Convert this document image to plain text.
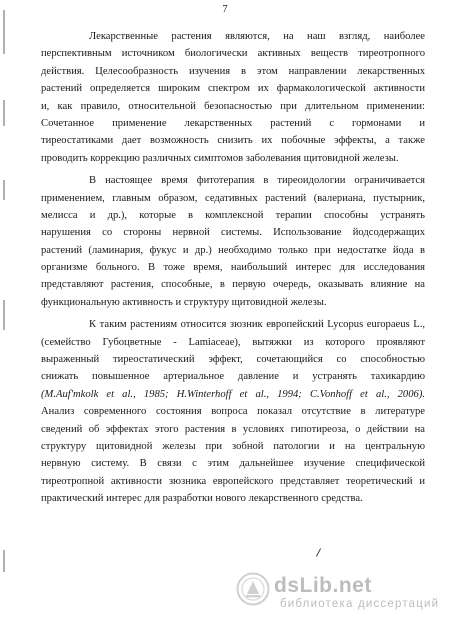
7
Лекарственные растения являются, на наш взгляд, наиболее
перспективным источником биологически активных веществ тиреотропного
действия. Целесообразность изучения в этом направлении лекарственных
растений определяется широким спектром их фармакологической активности
и, как правило, относительной безопасностью при длительном применении:
Сочетанное применение лекарственных растений с гормонами и
тиреостатиками дает возможность снизить их побочные эффекты, а также
проводить коррекцию различных симптомов заболевания щитовидной железы.
В настоящее время фитотерапия в тиреоидологии ограничивается
применением, главным образом, седативных растений (валериана, пустырник,
мелисса и др.), которые в комплексной терапии способны устранять
нарушения со стороны нервной системы. Использование йодсодержащих
растений (ламинария, фукус и др.) необходимо только при недостатке йода в
организме больного. В тоже время, наибольший интерес для исследования
представляют растения, способные, в первую очередь, оказывать влияние на
функциональную активность и структуру щитовидной железы.
К таким растениям относится зюзник европейский Lycopus europaeus L.,
(семейство Губоцветные - Lamiaceae), вытяжки из которого проявляют
выраженный тиреостатический эффект, сочетающийся со способностью
снижать повышенное артериальное давление и устранять тахикардию
(M.Auf'mkolk et al., 1985; H.Winterhoff et al., 1994; C.Vonhoff et al., 2006).
Анализ современного состояния вопроса показал отсутствие в литературе
сведений об эффектах этого растения в условиях гипотиреоза, о действии на
структуру щитовидной железы при зобной патологии и на центральную
нервную систему. В связи с этим дальнейшее изучение специфической
тиреотропной активности зюзника европейского представляет теоретический и
практический интерес для разработки нового лекарственного средства.
dsLib.net
библиотека диссертаций
